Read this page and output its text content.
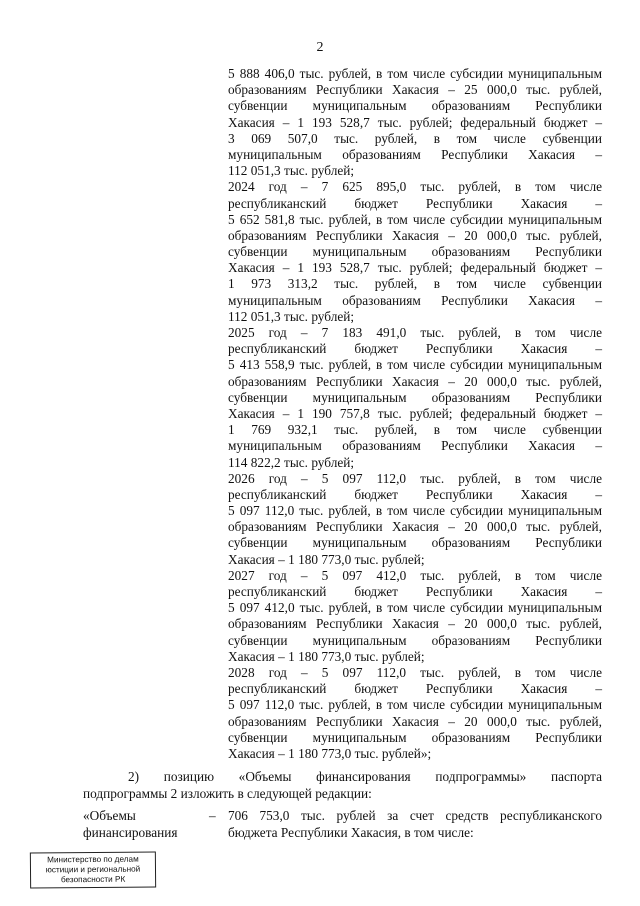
2
5 888 406,0 тыс. рублей, в том числе субсидии муниципальным
образованиям Республики Хакасия – 25 000,0 тыс. рублей,
субвенции муниципальным образованиям Республики
Хакасия – 1 193 528,7 тыс. рублей; федеральный бюджет –
3 069 507,0 тыс. рублей, в том числе субвенции
муниципальным образованиям Республики Хакасия –
112 051,3 тыс. рублей;
2024 год – 7 625 895,0 тыс. рублей, в том числе
республиканский бюджет Республики Хакасия –
5 652 581,8 тыс. рублей, в том числе субсидии муниципальным
образованиям Республики Хакасия – 20 000,0 тыс. рублей,
субвенции муниципальным образованиям Республики
Хакасия – 1 193 528,7 тыс. рублей; федеральный бюджет –
1 973 313,2 тыс. рублей, в том числе субвенции
муниципальным образованиям Республики Хакасия –
112 051,3 тыс. рублей;
2025 год – 7 183 491,0 тыс. рублей, в том числе
республиканский бюджет Республики Хакасия –
5 413 558,9 тыс. рублей, в том числе субсидии муниципальным
образованиям Республики Хакасия – 20 000,0 тыс. рублей,
субвенции муниципальным образованиям Республики
Хакасия – 1 190 757,8 тыс. рублей; федеральный бюджет –
1 769 932,1 тыс. рублей, в том числе субвенции
муниципальным образованиям Республики Хакасия –
114 822,2 тыс. рублей;
2026 год – 5 097 112,0 тыс. рублей, в том числе
республиканский бюджет Республики Хакасия –
5 097 112,0 тыс. рублей, в том числе субсидии муниципальным
образованиям Республики Хакасия – 20 000,0 тыс. рублей,
субвенции муниципальным образованиям Республики
Хакасия – 1 180 773,0 тыс. рублей;
2027 год – 5 097 412,0 тыс. рублей, в том числе
республиканский бюджет Республики Хакасия –
5 097 412,0 тыс. рублей, в том числе субсидии муниципальным
образованиям Республики Хакасия – 20 000,0 тыс. рублей,
субвенции муниципальным образованиям Республики
Хакасия – 1 180 773,0 тыс. рублей;
2028 год – 5 097 112,0 тыс. рублей, в том числе
республиканский бюджет Республики Хакасия –
5 097 112,0 тыс. рублей, в том числе субсидии муниципальным
образованиям Республики Хакасия – 20 000,0 тыс. рублей,
субвенции муниципальным образованиям Республики
Хакасия – 1 180 773,0 тыс. рублей»;
2) позицию «Объемы финансирования подпрограммы» паспорта
подпрограммы 2 изложить в следующей редакции:
«Объемы
финансирования
– 706 753,0 тыс. рублей за счет средств республиканского
бюджета Республики Хакасия, в том числе:
Министерство по делам
юстиции и региональной
безопасности РК
